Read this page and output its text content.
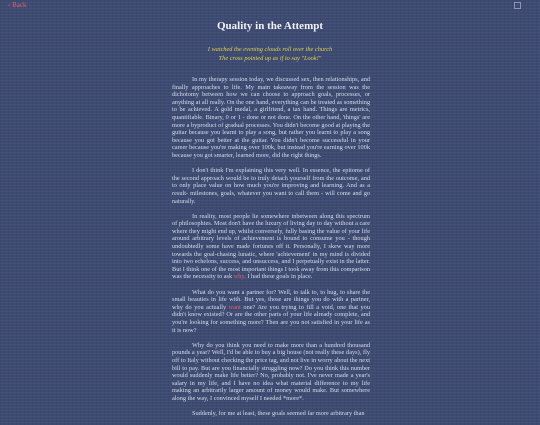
‹ Back
Quality in the Attempt
I watched the evening clouds roll over the church
The cross pointed up as if to say "Look!"

In my therapy session today, we discussed sex, then relationships, and finally approaches to life. My main takeaway from the session was the dichotomy between how we can choose to approach goals, processes, or anything at all really. On the one hand, everything can be treated as something to be achieved. A gold medal, a girlfriend, a tax hand. Things are metrics, quantifiable. Binary, 0 or 1 - done or not done. On the other hand, 'things' are more a byproduct of gradual processes. You didn't become good at playing the guitar because you learnt to play a song, but rather you learnt to play a song because you got better at the guitar. You didn't become successful in your career because you're making over 100k, but instead you're earning over 100k because you got smarter, learned more, did the right things.

I don't think I'm explaining this very well. In essence, the epitome of the second approach would be to truly detach yourself from the outcome, and to only place value on how much you're improving and learning. And as a result- milestones, goals, whatever you want to call them - will come and go naturally.

In reality, most people lie somewhere inbetween along this spectrum of philosophies. Most don't have the luxury of living day to day without a care where they might end up, whilst conversely, fully basing the value of your life around arbitrary levels of achievement is bound to consume you - though undoubtedly some have made fortunes off it. Personally, I skew way more towards the goal-chasing lunatic, where 'achievement' in my mind is divided into two echelons, success, and unsuccess, and I perpetually exist in the latter. But I think one of the most important things I took away from this comparison was the necessity to ask why. I had these goals in place.

What do you want a partner for? Well, to talk to, to hug, to share the small beauties in life with. But yes, those are things you do with a partner, why do you actually want one? Are you trying to fill a void, one that you didn't know existed? Or are the other parts of your life already complete, and you're looking for something more? Then are you not satisfied in your life as it is now?

Why do you think you need to make more than a hundred thousand pounds a year? Well, I'd be able to buy a big house (not really these days), fly off to Italy without checking the price tag, and not live in worry about the next bill to pay. But are you financially struggling now? Do you think this number would suddenly make life better? No, probably not. I've never made a year's salary in my life, and I have no idea what material difference to my life making an arbitrarily larger amount of money would make. But somewhere along the way, I convinced myself I needed *more*.

Suddenly, for me at least, these goals seemed far more arbitrary than
